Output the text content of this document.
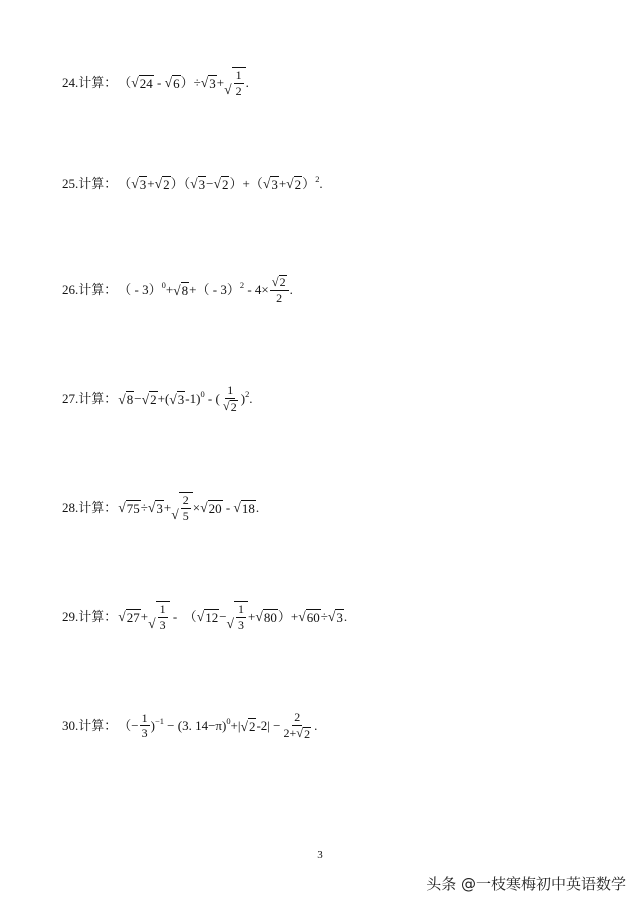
24.计算： （ √ 24 - √ 6 ）÷ √ 3 +
√ $\frac{1}{2}$ .
25.计算： （ √ 3 + √ 2 ）（ √ 3 − √ 2 ）+（ √ 3 + √ 2 ） 2 .
26.计算： （ - 3） 0 + √ 8 +（ - 3） $2 - 4\times \frac{√ 2}{2}$ .
27.计算： √ 8 − √ 2 +( √ 3 -1) 0 - ( $\frac{1}{√ 2}$ ) 2 .
28.计算： √ 75 ÷ √ 3 +
√ $\frac{2}{5}$ × √ 20 - √ 18 .
29.计算： √ 27 +
√ $\frac{1}{3}$ -  （ √ 12 −
√ $\frac{1}{3}$ + √ 80 ）+ √ 60 ÷ √ 3 .
30.计算： （− $\frac{1}{3}$ ) −1 − (3. 14−π) 0 +| √ 2 $-2| - \frac{2}{2+ √ 2}$ .
3
头条 @一枝寒梅初中英语数学
